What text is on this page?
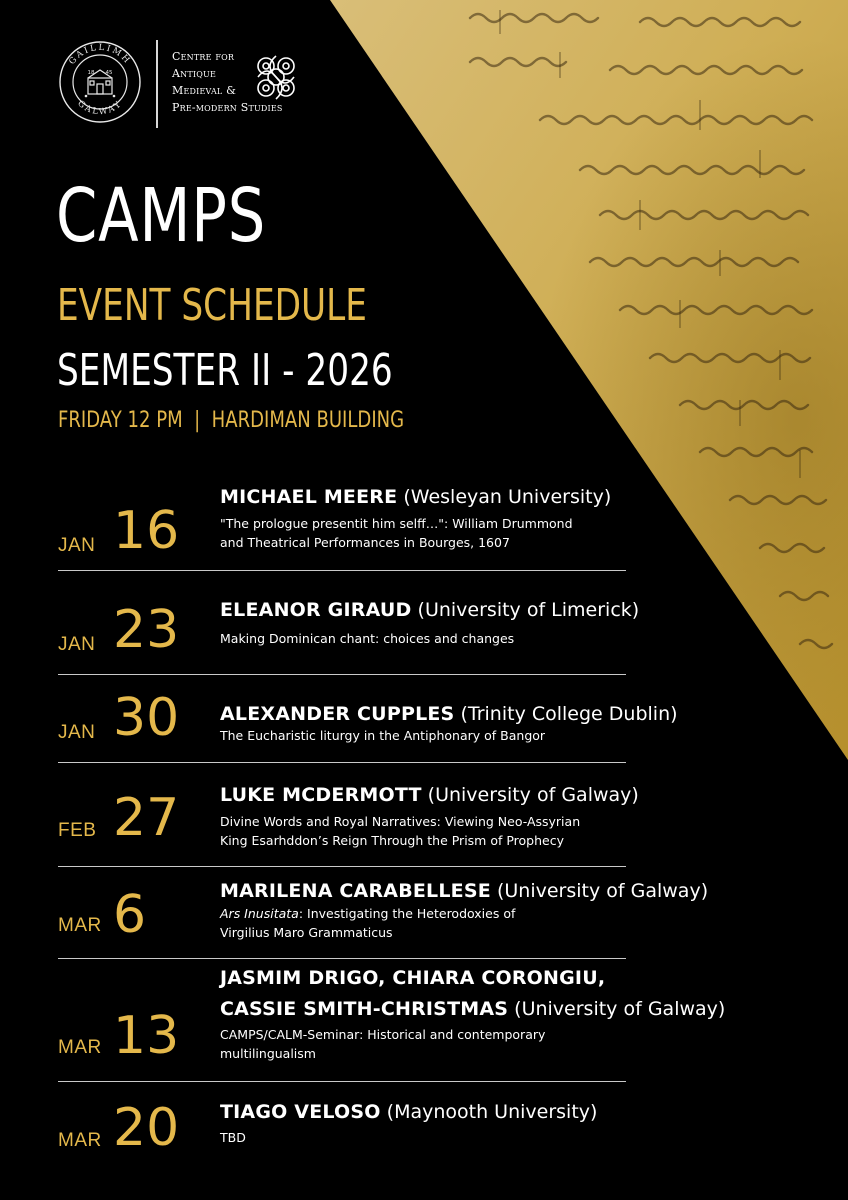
GAILLIMH
GALWAY
18 45
Centre for
Antique
Medieval &
Pre-modern Studies
CAMPS
EVENT SCHEDULE
SEMESTER II - 2026
FRIDAY 12 PM | HARDIMAN BUILDING
JAN 16
MICHAEL MEERE (Wesleyan University)
"The prologue presentit him selff…": William Drummond
and Theatrical Performances in Bourges, 1607
JAN 23 ELEANOR GIRAUD (University of Limerick)
Making Dominican chant: choices and changes
JAN 30 ALEXANDER CUPPLES (Trinity College Dublin)
The Eucharistic liturgy in the Antiphonary of Bangor
FEB 27 LUKE MCDERMOTT (University of Galway)
Divine Words and Royal Narratives: Viewing Neo-Assyrian
King Esarhddon’s Reign Through the Prism of Prophecy
MAR 6	MARILENA CARABELLESE (University of Galway)
Ars Inusitata: Investigating the Heterodoxies of
Virgilius Maro Grammaticus
MAR 13
JASMIM DRIGO, CHIARA CORONGIU,
CASSIE SMITH-CHRISTMAS (University of Galway)
CAMPS/CALM-Seminar: Historical and contemporary
multilingualism
MAR 20 TIAGO VELOSO (Maynooth University)
TBD
